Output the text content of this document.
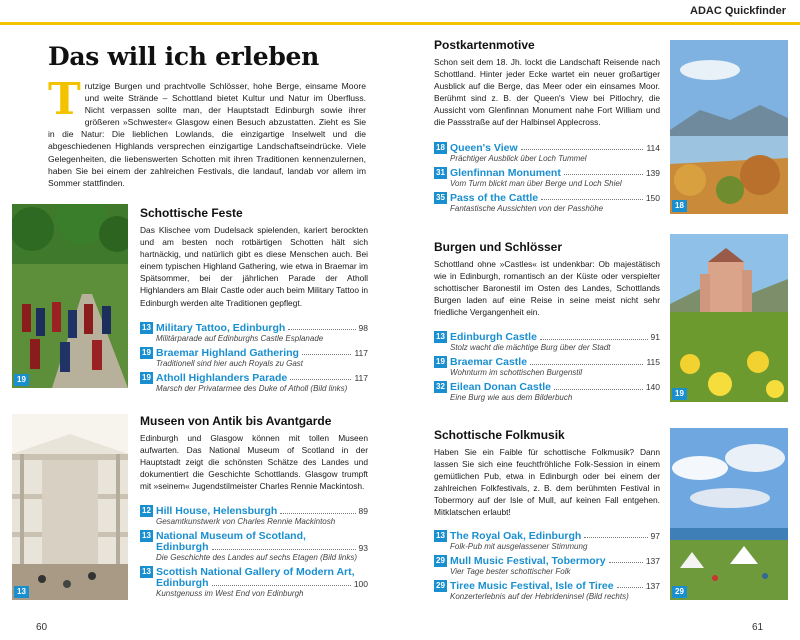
ADAC Quickfinder
60	61
Das will ich erleben
T rutzige Burgen und prachtvolle Schlösser, hohe Berge, einsame Moore und weite Strände – Schottland bietet Kultur und Natur im Überfluss. Nicht verpassen sollte man, der Hauptstadt Edinburgh sowie ihrer größeren »Schwester« Glasgow einen Besuch abzustatten. Zieht es Sie in die Natur: Die lieblichen Lowlands, die einzigartige Inselwelt und die abgeschiedenen Highlands versprechen einzigartige Landschaftseindrücke. Viele Gelegenheiten, die liebenswerten Schotten mit ihren Traditionen kennenzulernen, haben Sie bei einem der zahlreichen Festivals, die landauf, landab vor allem im Sommer stattfinden.
19
Schottische Feste
Das Klischee vom Dudelsack spielenden, kariert berockten und am besten noch rotbärtigen Schotten hält sich hartnäckig, und natürlich gibt es diese Menschen auch. Bei einem typischen Highland Gathering, wie etwa in Braemar im Spätsommer, bei der jährlichen Parade der Atholl Highlanders am Blair Castle oder auch beim Military Tattoo in Edinburgh werden alte Traditionen gepflegt.
13 Military Tattoo, Edinburgh	98
Militärparade auf Edinburghs Castle Esplanade
19 Braemar Highland Gathering	117
Traditionell sind hier auch Royals zu Gast
19 Atholl Highlanders Parade	117
Marsch der Privatarmee des Duke of Atholl (Bild links)
13
Museen von Antik bis Avantgarde
Edinburgh und Glasgow können mit tollen Museen aufwarten. Das National Museum of Scotland in der Hauptstadt zeigt die schönsten Schätze des Landes und dokumentiert die Geschichte Schottlands. Glasgow trumpft mit »seinem« Jugendstilmeister Charles Rennie Mackintosh.
12 Hill House, Helensburgh	89
Gesamtkunstwerk von Charles Rennie Mackintosh
13 National Museum of Scotland,
Edinburgh	93
Die Geschichte des Landes auf sechs Etagen (Bild links)
13 Scottish National Gallery of Modern Art,
Edinburgh	100
Kunstgenuss im West End von Edinburgh
Postkartenmotive
Schon seit dem 18. Jh. lockt die Landschaft Reisende nach Schottland. Hinter jeder Ecke wartet ein neuer großartiger Ausblick auf die Berge, das Meer oder ein einsames Moor. Berühmt sind z. B. der Queen's View bei Pitlochry, die Aussicht vom Glenfinnan Monument nahe Fort William und die Passstraße auf der Halbinsel Applecross.
18 Queen's View	114
Prächtiger Ausblick über Loch Tummel
31 Glenfinnan Monument	139
Vom Turm blickt man über Berge und Loch Shiel
35 Pass of the Cattle	150
Fantastische Aussichten von der Passhöhe	18
Burgen und Schlösser
Schottland ohne »Castles« ist undenkbar: Ob majestätisch wie in Edinburgh, romantisch an der Küste oder verspielter schottischer Baronestil im Osten des Landes, Schottlands Burgen laden auf eine Reise in seine meist nicht sehr friedliche Vergangenheit ein.
13 Edinburgh Castle	91
Stolz wacht die mächtige Burg über der Stadt
19 Braemar Castle	115
Wohnturm im schottischen Burgenstil
32 Eilean Donan Castle	140
Eine Burg wie aus dem Bilderbuch	19
Schottische Folkmusik
Haben Sie ein Faible für schottische Folkmusik? Dann lassen Sie sich eine feuchtfröhliche Folk-Session in einem gemütlichen Pub, etwa in Edinburgh oder bei einem der zahlreichen Folkfestivals, z. B. dem berühmten Festival in Tobermory auf der Isle of Mull, auf keinen Fall entgehen. Mitklatschen erlaubt!
13 The Royal Oak, Edinburgh	97
Folk-Pub mit ausgelassener Stimmung
29 Mull Music Festival, Tobermory	137
Vier Tage bester schottischer Folk
29 Tiree Music Festival, Isle of Tiree	137
Konzerterlebnis auf der Hebrideninsel (Bild rechts)
29
